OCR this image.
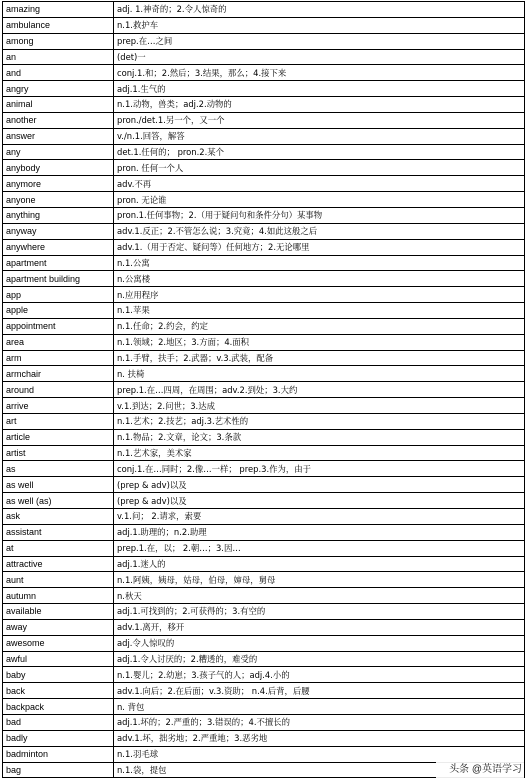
amazing	adj. 1.神奇的；2.令人惊奇的
ambulance	n.1.救护车
among	prep.在…之间
an	(det)一
and	conj.1.和；2.然后；3.结果，那么；4.接下来
angry	adj.1.生气的
animal	n.1.动物，兽类；adj.2.动物的
another	pron./det.1.另一个，又一个
answer	v./n.1.回答，解答
any	det.1.任何的； pron.2.某个
anybody	pron. 任何一个人
anymore	adv.不再
anyone	pron. 无论谁
anything	pron.1.任何事物；2.（用于疑问句和条件分句）某事物
anyway	adv.1.反正；2.不管怎么说；3.究竟；4.如此这般之后
anywhere	adv.1.（用于否定、疑问等）任何地方；2.无论哪里
apartment	n.1.公寓
apartment building	n.公寓楼
app	n.应用程序
apple	n.1.苹果
appointment	n.1.任命；2.约会，约定
area	n.1.领域；2.地区；3.方面；4.面积
arm	n.1.手臂，扶手；2.武器；v.3.武装，配备
armchair	n. 扶椅
around	prep.1.在…四周，在周围；adv.2.到处；3.大约
arrive	v.1.到达；2.问世；3.达成
art	n.1.艺术；2.技艺；adj.3.艺术性的
article	n.1.物品；2.文章，论文；3.条款
artist	n.1.艺术家，美术家
as	conj.1.在…同时；2.像…一样； prep.3.作为，由于
as well	(prep & adv)以及
as well (as)	(prep & adv)以及
ask	v.1.问； 2.请求，索要
assistant	adj.1.助理的；n.2.助理
at	prep.1.在，以； 2.朝…；3.因…
attractive	adj.1.迷人的
aunt	n.1.阿姨，姨母，姑母，伯母，婶母，舅母
autumn	n.秋天
available	adj.1.可找到的；2.可获得的；3.有空的
away	adv.1.离开，移开
awesome	adj.令人惊叹的
awful	adj.1.令人讨厌的；2.糟透的，难受的
baby	n.1.婴儿；2.幼崽；3.孩子气的人；adj.4.小的
back	adv.1.向后；2.在后面；v.3.资助； n.4.后背，后腰
backpack	n. 背包
bad	adj.1.坏的；2.严重的；3.错误的；4.不擅长的
badly	adv.1.坏，拙劣地；2.严重地；3.恶劣地
badminton	n.1.羽毛球
bag	n.1.袋，提包	头条 @英语学习
